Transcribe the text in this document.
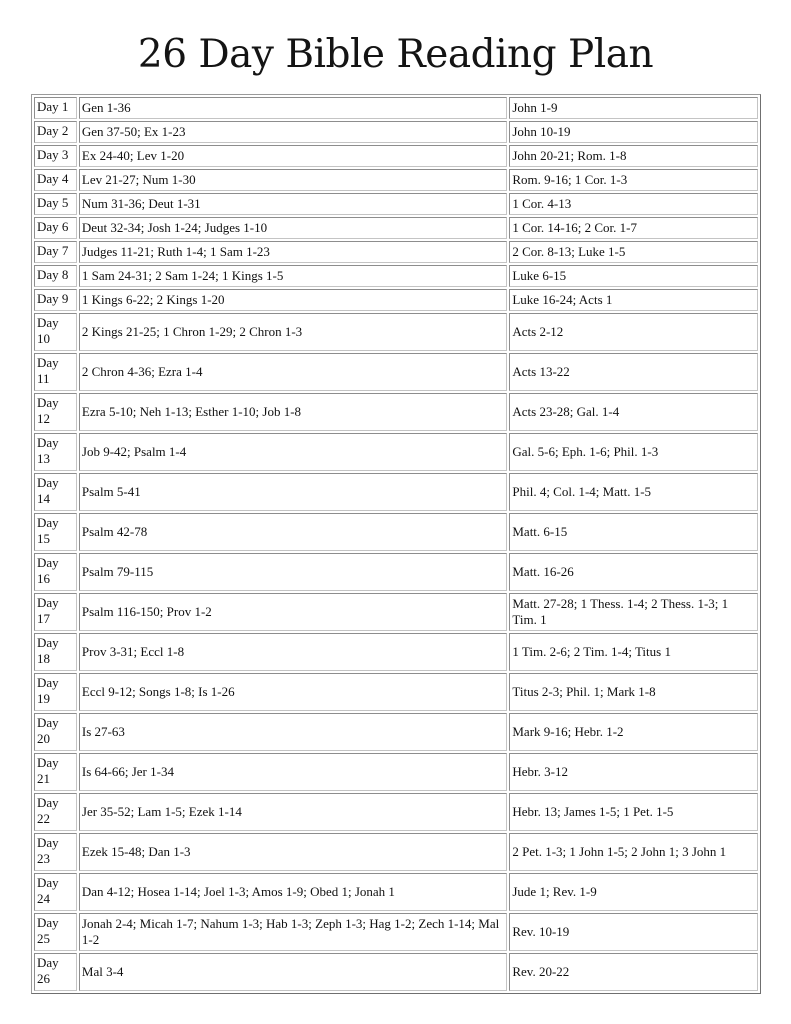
26 Day Bible Reading Plan
Day 1	Gen 1-36	John 1-9
Day 2	Gen 37-50; Ex 1-23	John 10-19
Day 3	Ex 24-40; Lev 1-20	John 20-21; Rom. 1-8
Day 4	Lev 21-27; Num 1-30	Rom. 9-16; 1 Cor. 1-3
Day 5	Num 31-36; Deut 1-31	1 Cor. 4-13
Day 6	Deut 32-34; Josh 1-24; Judges 1-10	1 Cor. 14-16; 2 Cor. 1-7
Day 7	Judges 11-21; Ruth 1-4; 1 Sam 1-23	2 Cor. 8-13; Luke 1-5
Day 8	1 Sam 24-31; 2 Sam 1-24; 1 Kings 1-5	Luke 6-15
Day 9	1 Kings 6-22; 2 Kings 1-20	Luke 16-24; Acts 1
Day 10	2 Kings 21-25; 1 Chron 1-29; 2 Chron 1-3	Acts 2-12
Day 11	2 Chron 4-36; Ezra 1-4	Acts 13-22
Day 12	Ezra 5-10; Neh 1-13; Esther 1-10; Job 1-8	Acts 23-28; Gal. 1-4
Day 13	Job 9-42; Psalm 1-4	Gal. 5-6; Eph. 1-6; Phil. 1-3
Day 14	Psalm 5-41	Phil. 4; Col. 1-4; Matt. 1-5
Day 15	Psalm 42-78	Matt. 6-15
Day 16	Psalm 79-115	Matt. 16-26
Day 17	Psalm 116-150; Prov 1-2	Matt. 27-28; 1 Thess. 1-4; 2 Thess. 1-3; 1 Tim. 1
Day 18	Prov 3-31; Eccl 1-8	1 Tim. 2-6; 2 Tim. 1-4; Titus 1
Day 19	Eccl 9-12; Songs 1-8; Is 1-26	Titus 2-3; Phil. 1; Mark 1-8
Day 20	Is 27-63	Mark 9-16; Hebr. 1-2
Day 21	Is 64-66; Jer 1-34	Hebr. 3-12
Day 22	Jer 35-52; Lam 1-5; Ezek 1-14	Hebr. 13; James 1-5; 1 Pet. 1-5
Day 23	Ezek 15-48; Dan 1-3	2 Pet. 1-3; 1 John 1-5; 2 John 1; 3 John 1
Day 24	Dan 4-12; Hosea 1-14; Joel 1-3; Amos 1-9; Obed 1; Jonah 1	Jude 1; Rev. 1-9
Day 25	Jonah 2-4; Micah 1-7; Nahum 1-3; Hab 1-3; Zeph 1-3; Hag 1-2; Zech 1-14; Mal 1-2	Rev. 10-19
Day 26	Mal 3-4	Rev. 20-22
